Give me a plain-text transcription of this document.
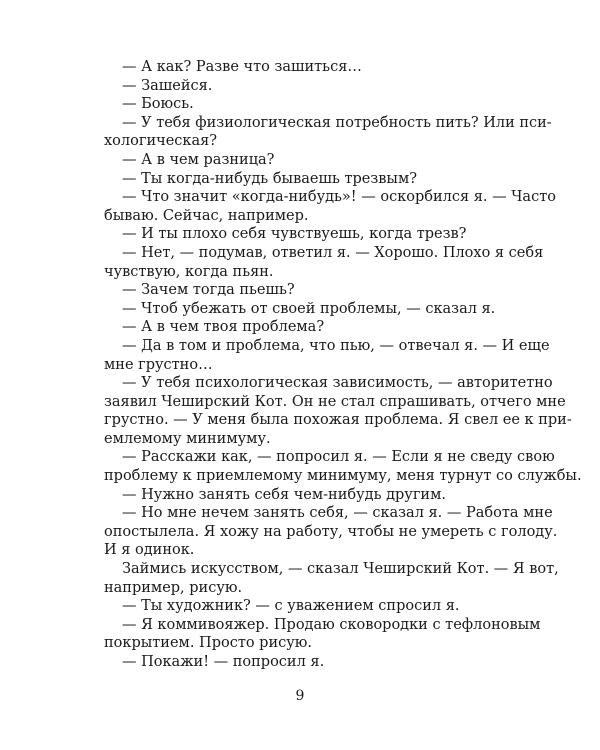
— А как? Разве что зашиться…
— Зашейся.
— Боюсь.
— У тебя физиологическая потребность пить? Или пси-
хологическая?
— А в чем разница?
— Ты когда-нибудь бываешь трезвым?
— Что значит «когда-нибудь»! — оскорбился я. — Часто
бываю. Сейчас, например.
— И ты плохо себя чувствуешь, когда трезв?
— Нет, — подумав, ответил я. — Хорошо. Плохо я себя
чувствую, когда пьян.
— Зачем тогда пьешь?
— Чтоб убежать от своей проблемы, — сказал я.
— А в чем твоя проблема?
— Да в том и проблема, что пью, — отвечал я. — И еще
мне грустно…
— У тебя психологическая зависимость, — авторитетно
заявил Чеширский Кот. Он не стал спрашивать, отчего мне
грустно. — У меня была похожая проблема. Я свел ее к при-
емлемому минимуму.
— Расскажи как, — попросил я. — Если я не сведу свою
проблему к приемлемому минимуму, меня турнут со службы.
— Нужно занять себя чем-нибудь другим.
— Но мне нечем занять себя, — сказал я. — Работа мне
опостылела. Я хожу на работу, чтобы не умереть с голоду.
И я одинок.
Займись искусством, — сказал Чеширский Кот. — Я вот,
например, рисую.
— Ты художник? — с уважением спросил я.
— Я коммивояжер. Продаю сковородки с тефлоновым
покрытием. Просто рисую.
— Покажи! — попросил я.
9
